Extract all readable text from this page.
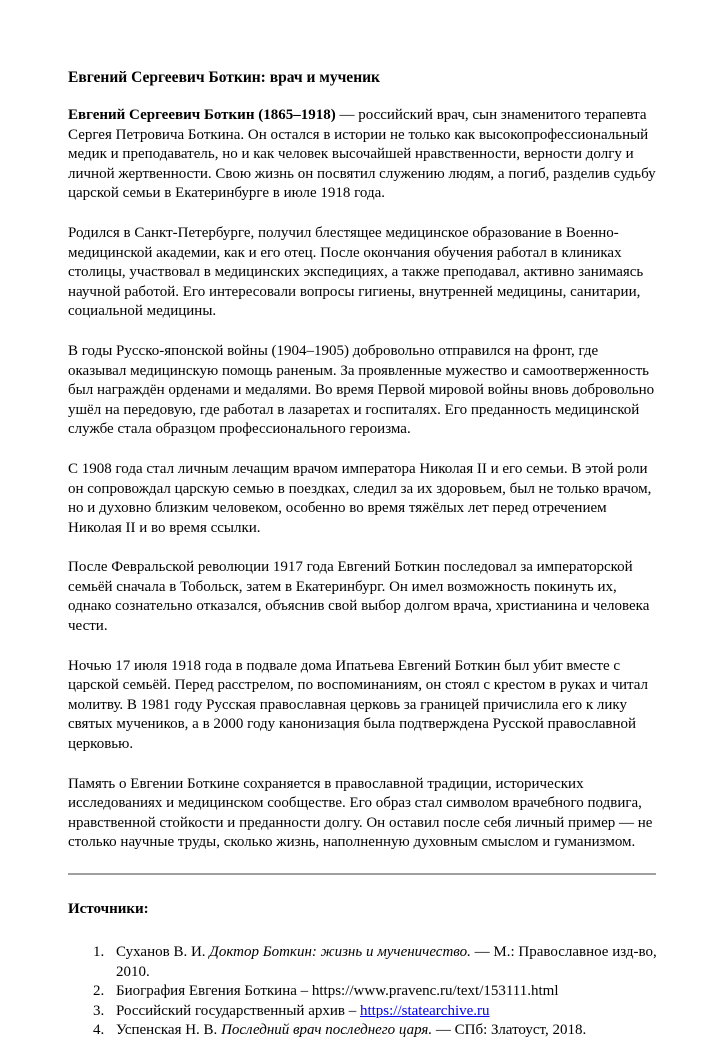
Евгений Сергеевич Боткин: врач и мученик

Евгений Сергеевич Боткин (1865–1918) — российский врач, сын знаменитого терапевта Сергея Петровича Боткина. Он остался в истории не только как высокопрофессиональный медик и преподаватель, но и как человек высочайшей нравственности, верности долгу и личной жертвенности. Свою жизнь он посвятил служению людям, а погиб, разделив судьбу царской семьи в Екатеринбурге в июле 1918 года.

Родился в Санкт-Петербурге, получил блестящее медицинское образование в Военно-медицинской академии, как и его отец. После окончания обучения работал в клиниках столицы, участвовал в медицинских экспедициях, а также преподавал, активно занимаясь научной работой. Его интересовали вопросы гигиены, внутренней медицины, санитарии, социальной медицины.

В годы Русско-японской войны (1904–1905) добровольно отправился на фронт, где оказывал медицинскую помощь раненым. За проявленные мужество и самоотверженность был награждён орденами и медалями. Во время Первой мировой войны вновь добровольно ушёл на передовую, где работал в лазаретах и госпиталях. Его преданность медицинской службе стала образцом профессионального героизма.

С 1908 года стал личным лечащим врачом императора Николая II и его семьи. В этой роли он сопровождал царскую семью в поездках, следил за их здоровьем, был не только врачом, но и духовно близким человеком, особенно во время тяжёлых лет перед отречением Николая II и во время ссылки.

После Февральской революции 1917 года Евгений Боткин последовал за императорской семьёй сначала в Тобольск, затем в Екатеринбург. Он имел возможность покинуть их, однако сознательно отказался, объяснив свой выбор долгом врача, христианина и человека чести.

Ночью 17 июля 1918 года в подвале дома Ипатьева Евгений Боткин был убит вместе с царской семьёй. Перед расстрелом, по воспоминаниям, он стоял с крестом в руках и читал молитву. В 1981 году Русская православная церковь за границей причислила его к лику святых мучеников, а в 2000 году канонизация была подтверждена Русской православной церковью.

Память о Евгении Боткине сохраняется в православной традиции, исторических исследованиях и медицинском сообществе. Его образ стал символом врачебного подвига, нравственной стойкости и преданности долгу. Он оставил после себя личный пример — не столько научные труды, сколько жизнь, наполненную духовным смыслом и гуманизмом.

Источники:
1. Суханов В. И. Доктор Боткин: жизнь и мученичество. — М.: Православное изд-во, 2010.
2. Биография Евгения Боткина – https://www.pravenc.ru/text/153111.html
3. Российский государственный архив – https://statearchive.ru
4. Успенская Н. В. Последний врач последнего царя. — СПб: Златоуст, 2018.
